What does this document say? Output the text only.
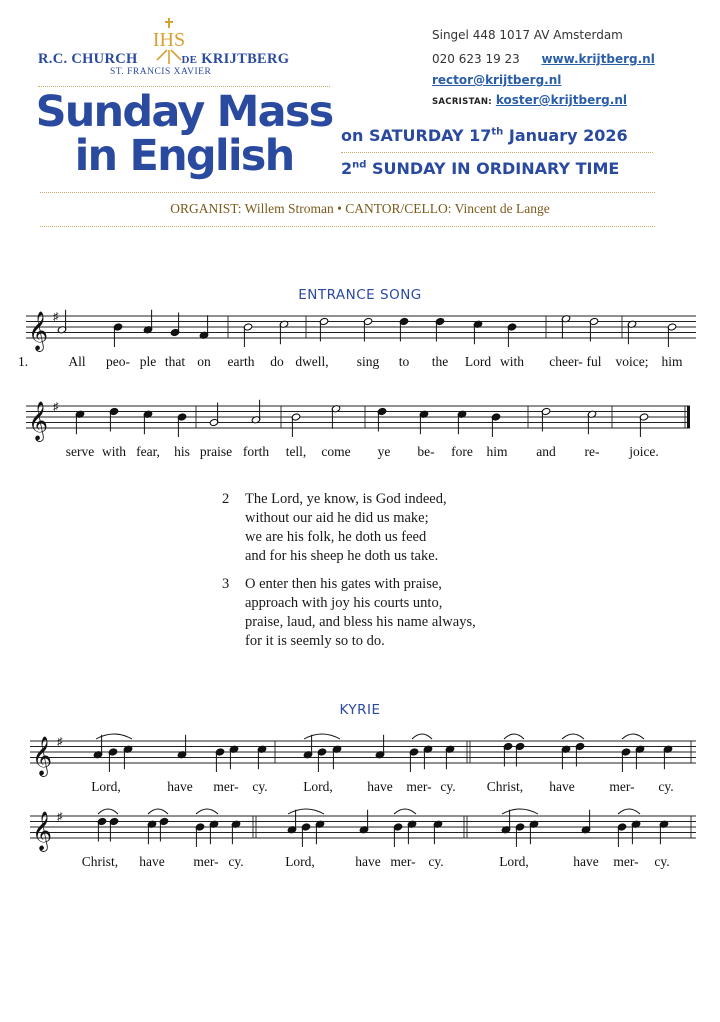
IHS
R.C. CHURCH	DE KRIJTBERG
ST. FRANCIS XAVIER
Sunday Mass
in English
Singel 448 1017 AV Amsterdam
020 623 19 23 www.krijtberg.nl
rector@krijtberg.nl
SACRISTAN: koster@krijtberg.nl
on SATURDAY 17th January 2026
2nd SUNDAY IN ORDINARY TIME
ORGANIST: Willem Stroman • CANTOR/CELLO: Vincent de Lange
ENTRANCE SONG
𝄞 ♯
1.	All peo- ple that on earth do dwell, sing to the Lord with cheer- ful voice; him
𝄞 ♯
serve with fear, his praise forth tell, come ye be- fore him and re- joice.
2	The Lord, ye know, is God indeed,
without our aid he did us make;
we are his folk, he doth us feed
and for his sheep he doth us take.
3	O enter then his gates with praise,
approach with joy his courts unto,
praise, laud, and bless his name always,
for it is seemly so to do.
KYRIE
𝄞 ♯
Lord,	have mer- cy.	Lord,	have mer- cy. Christ, have	mer- cy.
𝄞 ♯
Christ, have mer- cy.	Lord,	have mer- cy.	Lord,	have mer- cy.
